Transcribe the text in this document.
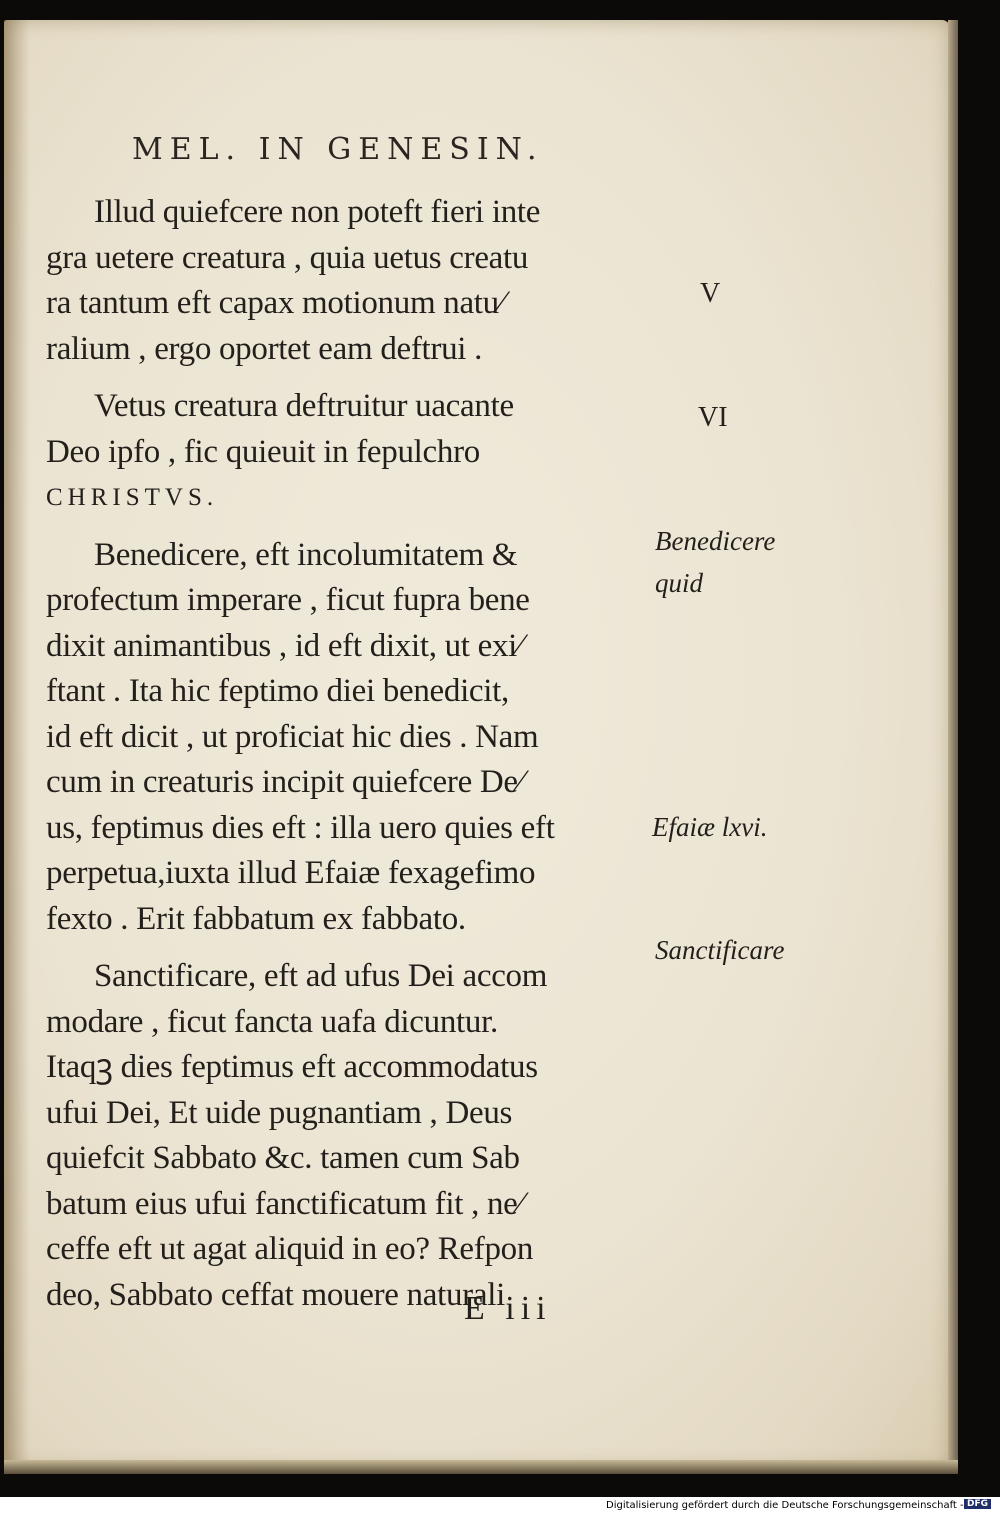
MEL. IN GENESIN.
Illud quiefcere non poteft fieri inte
gra uetere creatura , quia uetus creatu
ra tantum eft capax motionum natu⁄
ralium , ergo oportet eam deftrui .
Vetus creatura deftruitur uacante
Deo ipfo , fic quieuit in fepulchro
CHRISTVS.
Benedicere, eft incolumitatem &
profectum imperare , ficut fupra bene
dixit animantibus , id eft dixit, ut exi⁄
ftant . Ita hic feptimo diei benedicit,
id eft dicit , ut proficiat hic dies . Nam
cum in creaturis incipit quiefcere De⁄
us, feptimus dies eft : illa uero quies eft
perpetua,iuxta illud Efaiæ fexagefimo
fexto . Erit fabbatum ex fabbato.
Sanctificare, eft ad ufus Dei accom
modare , ficut fancta uafa dicuntur.
Itaqꝫ dies feptimus eft accommodatus
ufui Dei, Et uide pugnantiam , Deus
quiefcit Sabbato &c. tamen cum Sab
batum eius ufui fanctificatum fit , ne⁄
ceffe eft ut agat aliquid in eo? Refpon
deo, Sabbato ceffat mouere naturali
V
VI
Benedicere
quid
Efaiæ lxvi.
Sanctificare
E iii
Digitalisierung gefördert durch die Deutsche Forschungsgemeinschaft - DFG
